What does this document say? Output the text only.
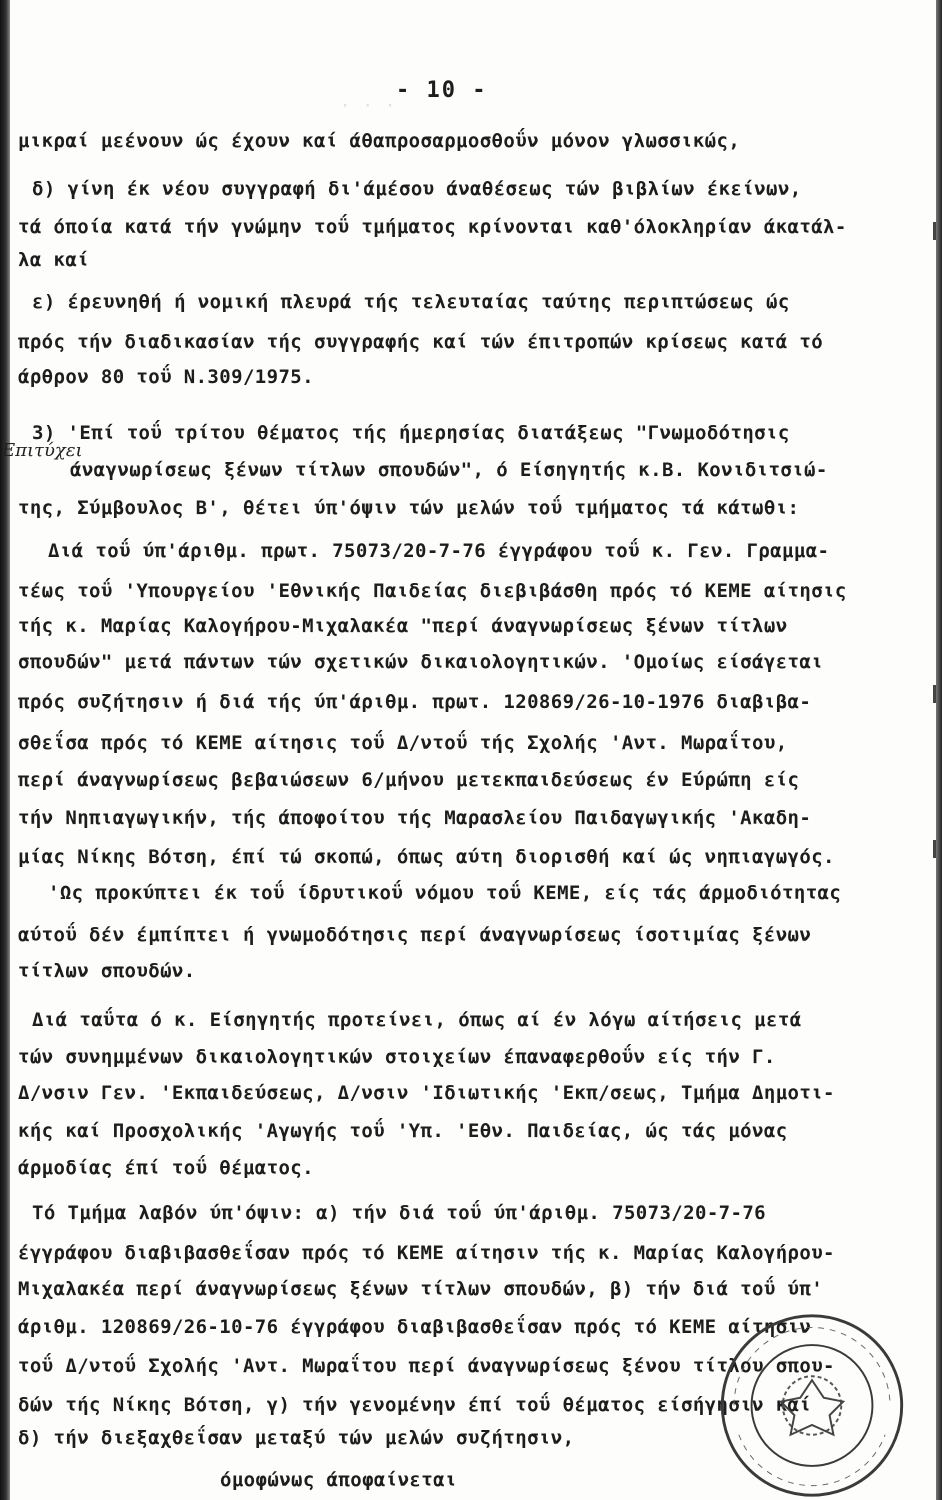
· · ·
- 10 -
Επιτύχει
μικραί μεένουν ώς έχουν καί άθαπροσαρμοσθοΰν μόνον γλωσσικώς,
δ) γίνη έκ νέου συγγραφή δι'άμέσου άναθέσεως τών βιβλίων έκείνων,
τά όποία κατά τήν γνώμην τοΰ τμήματος κρίνονται καθ'όλοκληρίαν άκατάλ-
λα καί
ε) έρευνηθή ή νομική πλευρά τής τελευταίας ταύτης περιπτώσεως ώς
πρός τήν διαδικασίαν τής συγγραφής καί τών έπιτροπών κρίσεως κατά τό
άρθρον 80 τοΰ Ν.309/1975.
3) 'Επί τοΰ τρίτου θέματος τής ήμερησίας διατάξεως "Γνωμοδότησις
άναγνωρίσεως ξένων τίτλων σπουδών", ό Είσηγητής κ.Β. Κονιδιτσιώ-
της, Σύμβουλος Β', θέτει ύπ'όψιν τών μελών τοΰ τμήματος τά κάτωθι:
Διά τοΰ ύπ'άριθμ. πρωτ. 75073/20-7-76 έγγράφου τοΰ κ. Γεν. Γραμμα-
τέως τοΰ 'Υπουργείου 'Εθνικής Παιδείας διεβιβάσθη πρός τό ΚΕΜΕ αίτησις
τής κ. Μαρίας Καλογήρου-Μιχαλακέα "περί άναγνωρίσεως ξένων τίτλων
σπουδών" μετά πάντων τών σχετικών δικαιολογητικών. 'Ομοίως είσάγεται
πρός συζήτησιν ή διά τής ύπ'άριθμ. πρωτ. 120869/26-10-1976 διαβιβα-
σθεΐσα πρός τό ΚΕΜΕ αίτησις τοΰ Δ/ντοΰ τής Σχολής 'Αντ. Μωραΐτου,
περί άναγνωρίσεως βεβαιώσεων 6/μήνου μετεκπαιδεύσεως έν Εύρώπη είς
τήν Νηπιαγωγικήν, τής άποφοίτου τής Μαρασλείου Παιδαγωγικής 'Ακαδη-
μίας Νίκης Βότση, έπί τώ σκοπώ, όπως αύτη διορισθή καί ώς νηπιαγωγός.
'Ως προκύπτει έκ τοΰ ίδρυτικοΰ νόμου τοΰ ΚΕΜΕ, είς τάς άρμοδιότητας
αύτοΰ δέν έμπίπτει ή γνωμοδότησις περί άναγνωρίσεως ίσοτιμίας ξένων
τίτλων σπουδών.
Διά ταΰτα ό κ. Είσηγητής προτείνει, όπως αί έν λόγω αίτήσεις μετά
τών συνημμένων δικαιολογητικών στοιχείων έπαναφερθοΰν είς τήν Γ.
Δ/νσιν Γεν. 'Εκπαιδεύσεως, Δ/νσιν 'Ιδιωτικής 'Εκπ/σεως, Τμήμα Δημοτι-
κής καί Προσχολικής 'Αγωγής τοΰ 'Υπ. 'Εθν. Παιδείας, ώς τάς μόνας
άρμοδίας έπί τοΰ θέματος.
Τό Τμήμα λαβόν ύπ'όψιν: α) τήν διά τοΰ ύπ'άριθμ. 75073/20-7-76
έγγράφου διαβιβασθεΐσαν πρός τό ΚΕΜΕ αίτησιν τής κ. Μαρίας Καλογήρου-
Μιχαλακέα περί άναγνωρίσεως ξένων τίτλων σπουδών, β) τήν διά τοΰ ύπ'
άριθμ. 120869/26-10-76 έγγράφου διαβιβασθεΐσαν πρός τό ΚΕΜΕ αίτησιν
τοΰ Δ/ντοΰ Σχολής 'Αντ. Μωραΐτου περί άναγνωρίσεως ξένου τίτλου σπου-
δών τής Νίκης Βότση, γ) τήν γενομένην έπί τοΰ θέματος είσήγησιν καί
δ) τήν διεξαχθεΐσαν μεταξύ τών μελών συζήτησιν,
όμοφώνως άποφαίνεται
